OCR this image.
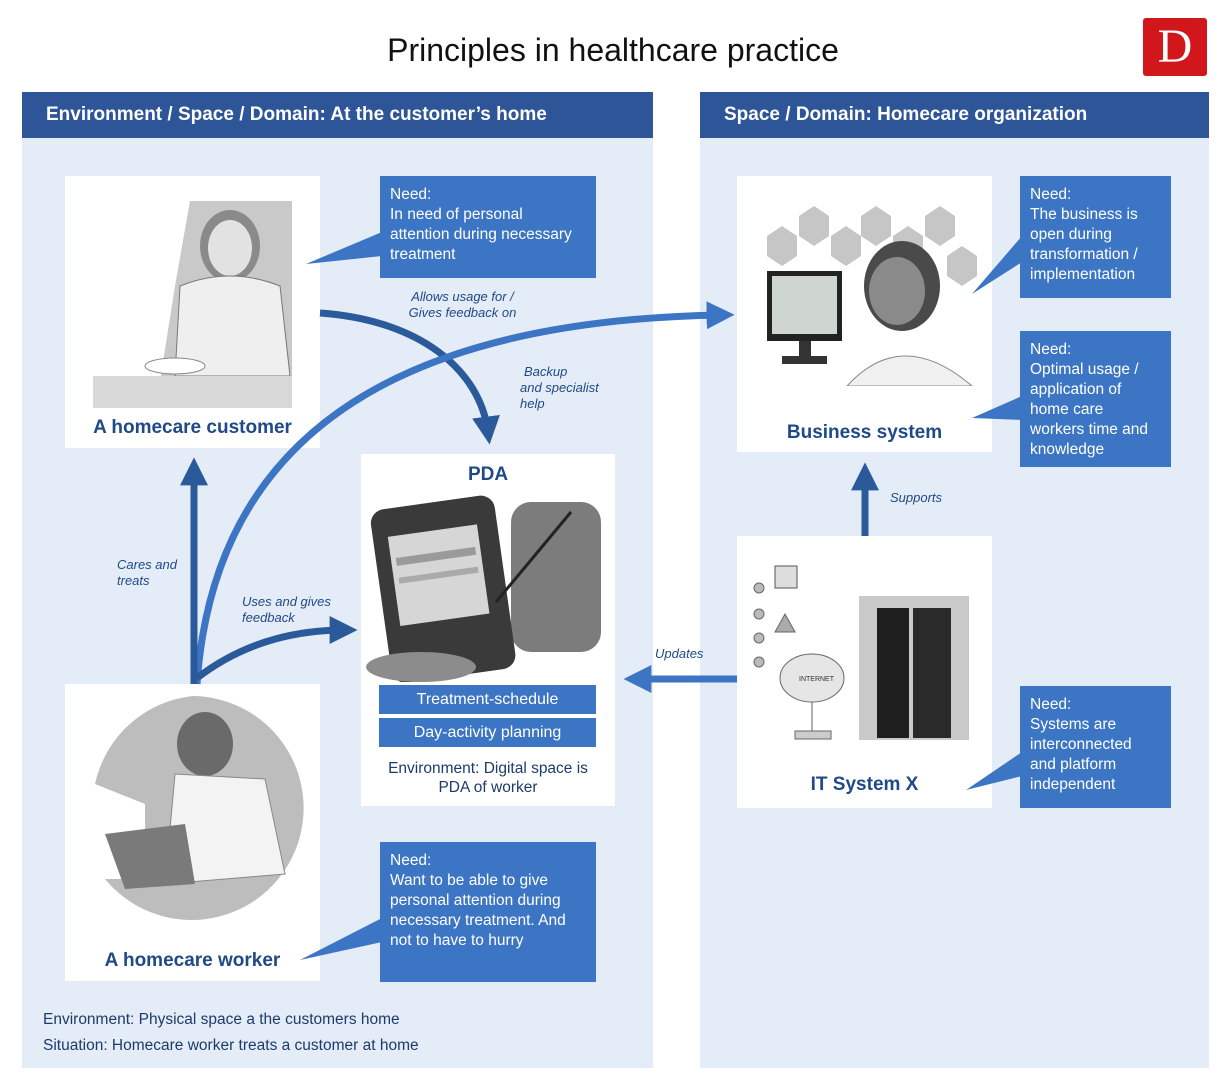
Principles in healthcare practice	D
Environment / Space / Domain: At the customer’s home	Space / Domain: Homecare organization
A homecare customer
Need:
In need of personal attention during necessary treatment
PDA
Treatment-schedule
Day-activity planning
Environment: Digital space is
PDA of worker
A homecare worker
Need:
Want to be able to give personal attention during necessary treatment. And not to have to hurry
Environment: Physical space a the customers home
Situation: Homecare worker treats a customer at home
Business system
Need:
The business is open during transformation / implementation
Need:
Optimal usage / application of home care workers time and knowledge
INTERNET
IT System X
Need:
Systems are interconnected and platform independent
Allows usage for /
Gives feedback on
Backup
and specialist
help
Cares and
treats
Uses and gives
feedback
Supports
Updates
